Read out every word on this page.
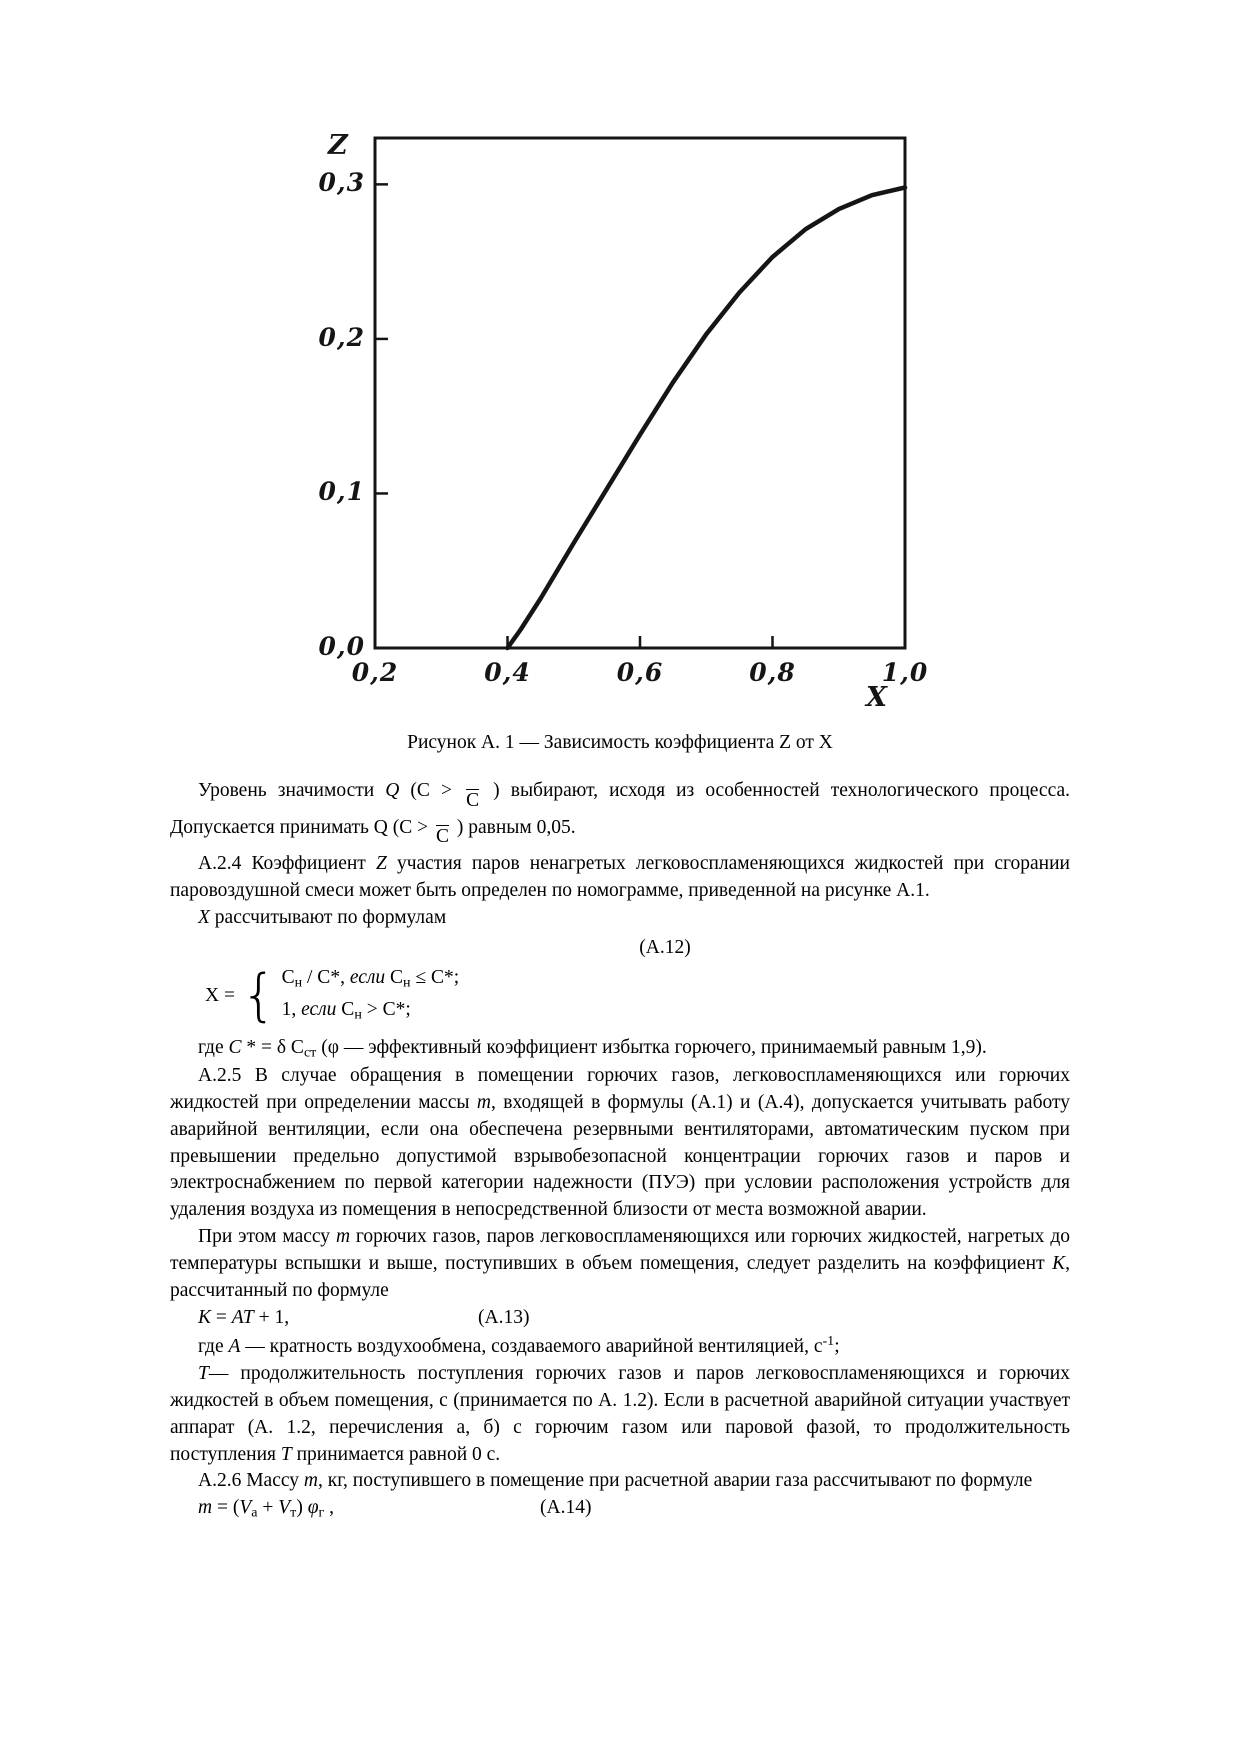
Z
X
0,2	0,4	0,6	0,8	1,0
0,0
0,1
0,2
0,3
Рисунок А. 1 — Зависимость коэффициента Z от X

Уровень значимости Q (С > С ) выбирают, исходя из особенностей технологического процесса. Допускается принимать Q (С > С ) равным 0,05.

А.2.4 Коэффициент Z участия паров ненагретых легковоспламеняющихся жидкостей при сгорании паровоздушной смеси может быть определен по номограмме, приведенной на рисунке А.1.

Х рассчитывают по формулам

(А.12)
X = { $С_н / С*$, если $С_н \le С*$;
1, если $С_н > С*$;

где С * = δ $С_{ст}$ (φ — эффективный коэффициент избытка горючего, принимаемый равным 1,9).

А.2.5 В случае обращения в помещении горючих газов, легковоспламеняющихся или горючих жидкостей при определении массы m, входящей в формулы (А.1) и (А.4), допускается учитывать работу аварийной вентиляции, если она обеспечена резервными вентиляторами, автоматическим пуском при превышении предельно допустимой взрывобезопасной концентрации горючих газов и паров и электроснабжением по первой категории надежности (ПУЭ) при условии расположения устройств для удаления воздуха из помещения в непосредственной близости от места возможной аварии.

При этом массу m горючих газов, паров легковоспламеняющихся или горючих жидкостей, нагретых до температуры вспышки и выше, поступивших в объем помещения, следует разделить на коэффициент К, рассчитанный по формуле

К = АТ + 1,	(А.13)

где А — кратность воздухообмена, создаваемого аварийной вентиляцией, $с^{-1}$;

Т— продолжительность поступления горючих газов и паров легковоспламеняющихся и горючих жидкостей в объем помещения, с (принимается по А. 1.2). Если в расчетной аварийной ситуации участвует аппарат (А. 1.2, перечисления а, б) с горючим газом или паровой фазой, то продолжительность поступления Т принимается равной 0 с.

А.2.6 Массу m, кг, поступившего в помещение при расчетной аварии газа рассчитывают по формуле

$m = (V_а + V_т)$ $\varphi_г$ ,	(А.14)
